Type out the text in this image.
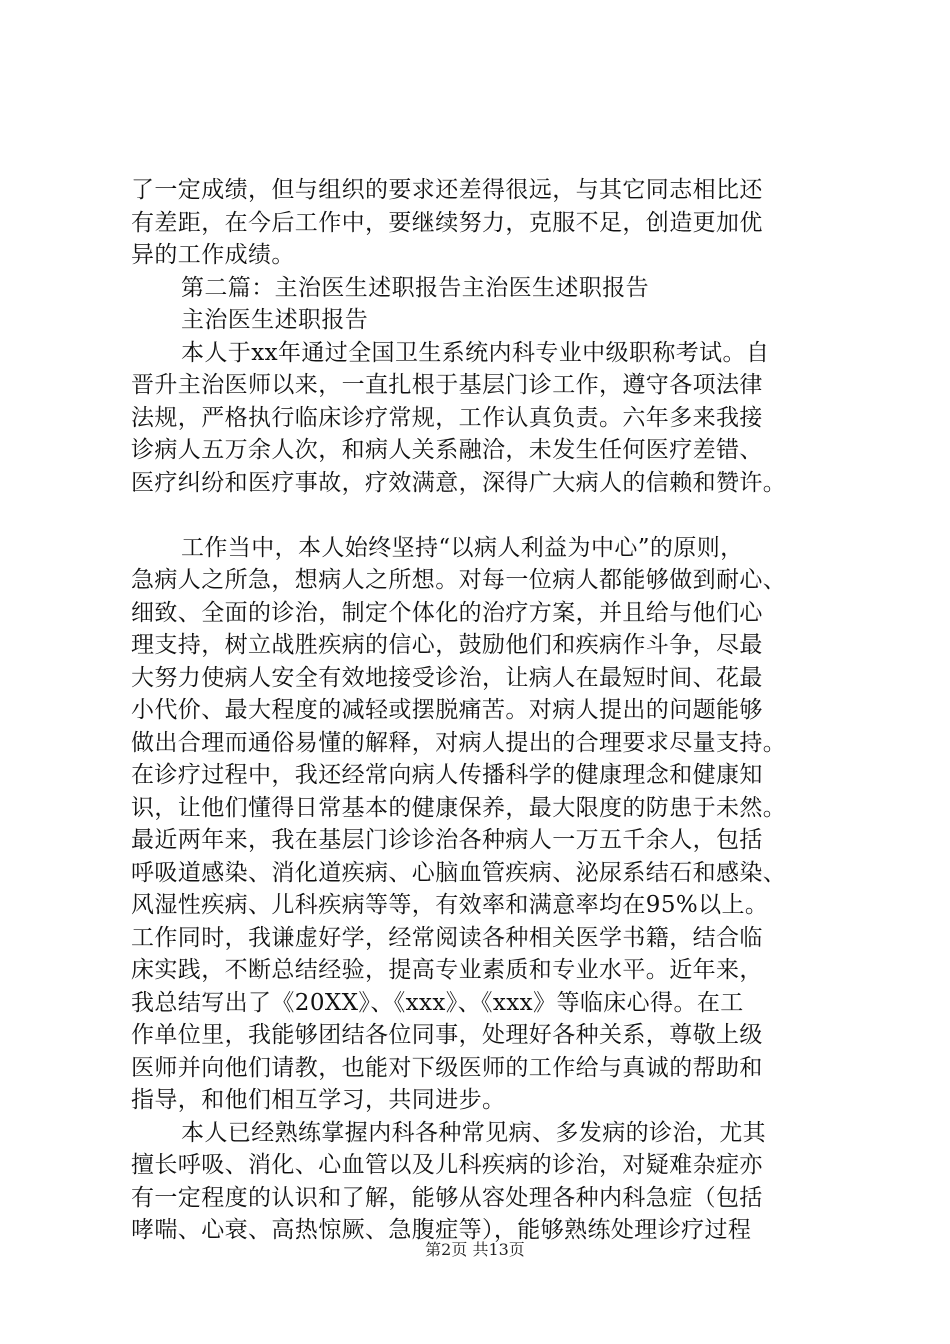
了一定成绩，但与组织的要求还差得很远，与其它同志相比还
有差距，在今后工作中，要继续努力，克服不足，创造更加优
异的工作成绩。
第二篇：主治医生述职报告主治医生述职报告
主治医生述职报告
本人于xx年通过全国卫生系统内科专业中级职称考试。自
晋升主治医师以来，一直扎根于基层门诊工作，遵守各项法律
法规，严格执行临床诊疗常规，工作认真负责。六年多来我接
诊病人五万余人次，和病人关系融洽，未发生任何医疗差错、
医疗纠纷和医疗事故，疗效满意，深得广大病人的信赖和赞许。
工作当中，本人始终坚持“以病人利益为中心”的原则，
急病人之所急，想病人之所想。对每一位病人都能够做到耐心、
细致、全面的诊治，制定个体化的治疗方案，并且给与他们心
理支持，树立战胜疾病的信心，鼓励他们和疾病作斗争，尽最
大努力使病人安全有效地接受诊治，让病人在最短时间、花最
小代价、最大程度的减轻或摆脱痛苦。对病人提出的问题能够
做出合理而通俗易懂的解释，对病人提出的合理要求尽量支持。
在诊疗过程中，我还经常向病人传播科学的健康理念和健康知
识，让他们懂得日常基本的健康保养，最大限度的防患于未然。
最近两年来，我在基层门诊诊治各种病人一万五千余人，包括
呼吸道感染、消化道疾病、心脑血管疾病、泌尿系结石和感染、
风湿性疾病、儿科疾病等等，有效率和满意率均在95%以上。
工作同时，我谦虚好学，经常阅读各种相关医学书籍，结合临
床实践，不断总结经验，提高专业素质和专业水平。近年来，
我总结写出了《20XX》、《xxx》、《xxx》等临床心得。在工
作单位里，我能够团结各位同事，处理好各种关系，尊敬上级
医师并向他们请教，也能对下级医师的工作给与真诚的帮助和
指导，和他们相互学习，共同进步。
本人已经熟练掌握内科各种常见病、多发病的诊治，尤其
擅长呼吸、消化、心血管以及儿科疾病的诊治，对疑难杂症亦
有一定程度的认识和了解，能够从容处理各种内科急症（包括
哮喘、心衰、高热惊厥、急腹症等），能够熟练处理诊疗过程
第2页 共13页
